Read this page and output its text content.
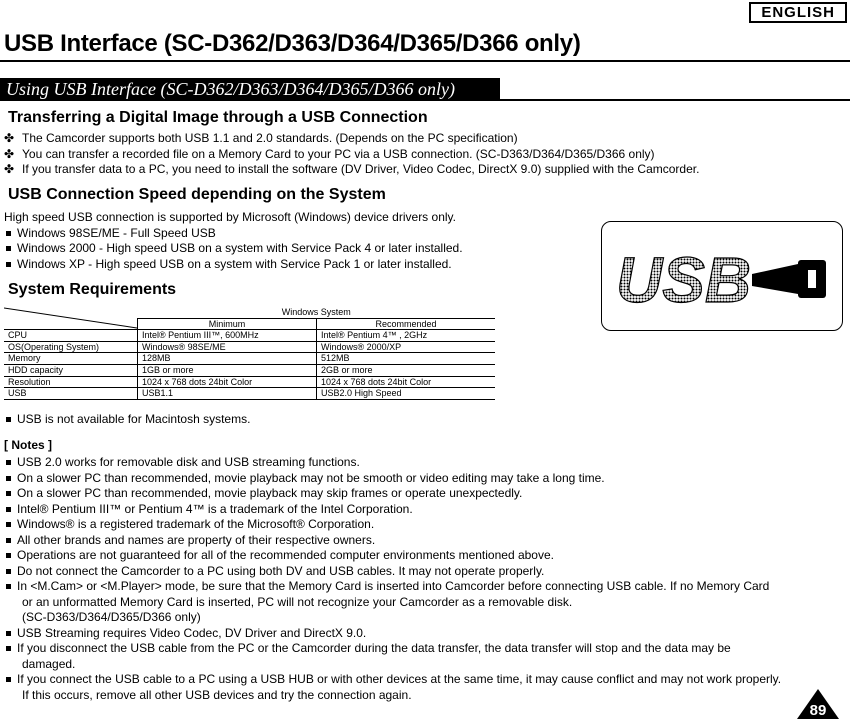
ENGLISH
USB Interface (SC-D362/D363/D364/D365/D366 only)
Using USB Interface (SC-D362/D363/D364/D365/D366 only)
Transferring a Digital Image through a USB Connection
✤ The Camcorder supports both USB 1.1 and 2.0 standards. (Depends on the PC specification)
✤ You can transfer a recorded file on a Memory Card to your PC via a USB connection. (SC-D363/D364/D365/D366 only)
✤ If you transfer data to a PC, you need to install the software (DV Driver, Video Codec, DirectX 9.0) supplied with the Camcorder.
USB Connection Speed depending on the System
High speed USB connection is supported by Microsoft (Windows) device drivers only.
Windows 98SE/ME - Full Speed USB
Windows 2000 - High speed USB on a system with Service Pack 4 or later installed.
Windows XP - High speed USB on a system with Service Pack 1 or later installed.	USB
System Requirements
	Windows System	
	Minimum	Recommended
CPU	Intel® Pentium III™, 600MHz	Intel® Pentium 4™ , 2GHz
OS(Operating System)	Windows® 98SE/ME	Windows® 2000/XP
Memory	128MB	512MB
HDD capacity	1GB or more	2GB or more
Resolution	1024 x 768 dots 24bit Color	1024 x 768 dots 24bit Color
USB	USB1.1	USB2.0 High Speed
USB is not available for Macintosh systems.
[ Notes ]
USB 2.0 works for removable disk and USB streaming functions.
On a slower PC than recommended, movie playback may not be smooth or video editing may take a long time.
On a slower PC than recommended, movie playback may skip frames or operate unexpectedly.
Intel® Pentium III™ or Pentium 4™ is a trademark of the Intel Corporation.
Windows® is a registered trademark of the Microsoft® Corporation.
All other brands and names are property of their respective owners.
Operations are not guaranteed for all of the recommended computer environments mentioned above.
Do not connect the Camcorder to a PC using both DV and USB cables. It may not operate properly.
In <M.Cam> or <M.Player> mode, be sure that the Memory Card is inserted into Camcorder before connecting USB cable. If no Memory Card
or an unformatted Memory Card is inserted, PC will not recognize your Camcorder as a removable disk.
(SC-D363/D364/D365/D366 only)
USB Streaming requires Video Codec, DV Driver and DirectX 9.0.
If you disconnect the USB cable from the PC or the Camcorder during the data transfer, the data transfer will stop and the data may be
damaged.
If you connect the USB cable to a PC using a USB HUB or with other devices at the same time, it may cause conflict and may not work properly.
If this occurs, remove all other USB devices and try the connection again.
89
